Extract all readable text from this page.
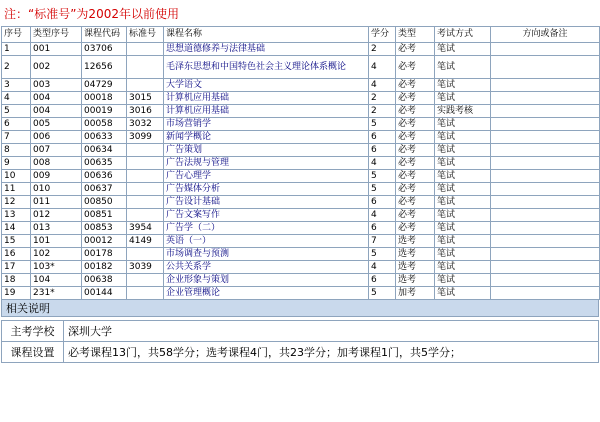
注：“标准号”为2002年以前使用
序号	类型序号	课程代码	标准号	课程名称	学分	类型	考试方式	方向或备注
1	001	03706		思想道德修养与法律基础	2	必考	笔试	
2	002	12656		毛泽东思想和中国特色社会主义理论体系概论	4	必考	笔试	
3	003	04729		大学语文	4	必考	笔试	
4	004	00018	3015	计算机应用基础	2	必考	笔试	
5	004	00019	3016	计算机应用基础	2	必考	实践考核	
6	005	00058	3032	市场营销学	5	必考	笔试	
7	006	00633	3099	新闻学概论	6	必考	笔试	
8	007	00634		广告策划	6	必考	笔试	
9	008	00635		广告法规与管理	4	必考	笔试	
10	009	00636		广告心理学	5	必考	笔试	
11	010	00637		广告媒体分析	5	必考	笔试	
12	011	00850		广告设计基础	6	必考	笔试	
13	012	00851		广告文案写作	4	必考	笔试	
14	013	00853	3954	广告学（二）	6	必考	笔试	
15	101	00012	4149	英语（一）	7	选考	笔试	
16	102	00178		市场调查与预测	5	选考	笔试	
17	103*	00182	3039	公共关系学	4	选考	笔试	
18	104	00638		企业形象与策划	6	选考	笔试	
19	231*	00144		企业管理概论	5	加考	笔试	
相关说明
主考学校	深圳大学
课程设置	必考课程13门，共58学分；选考课程4门，共23学分；加考课程1门，共5学分；
